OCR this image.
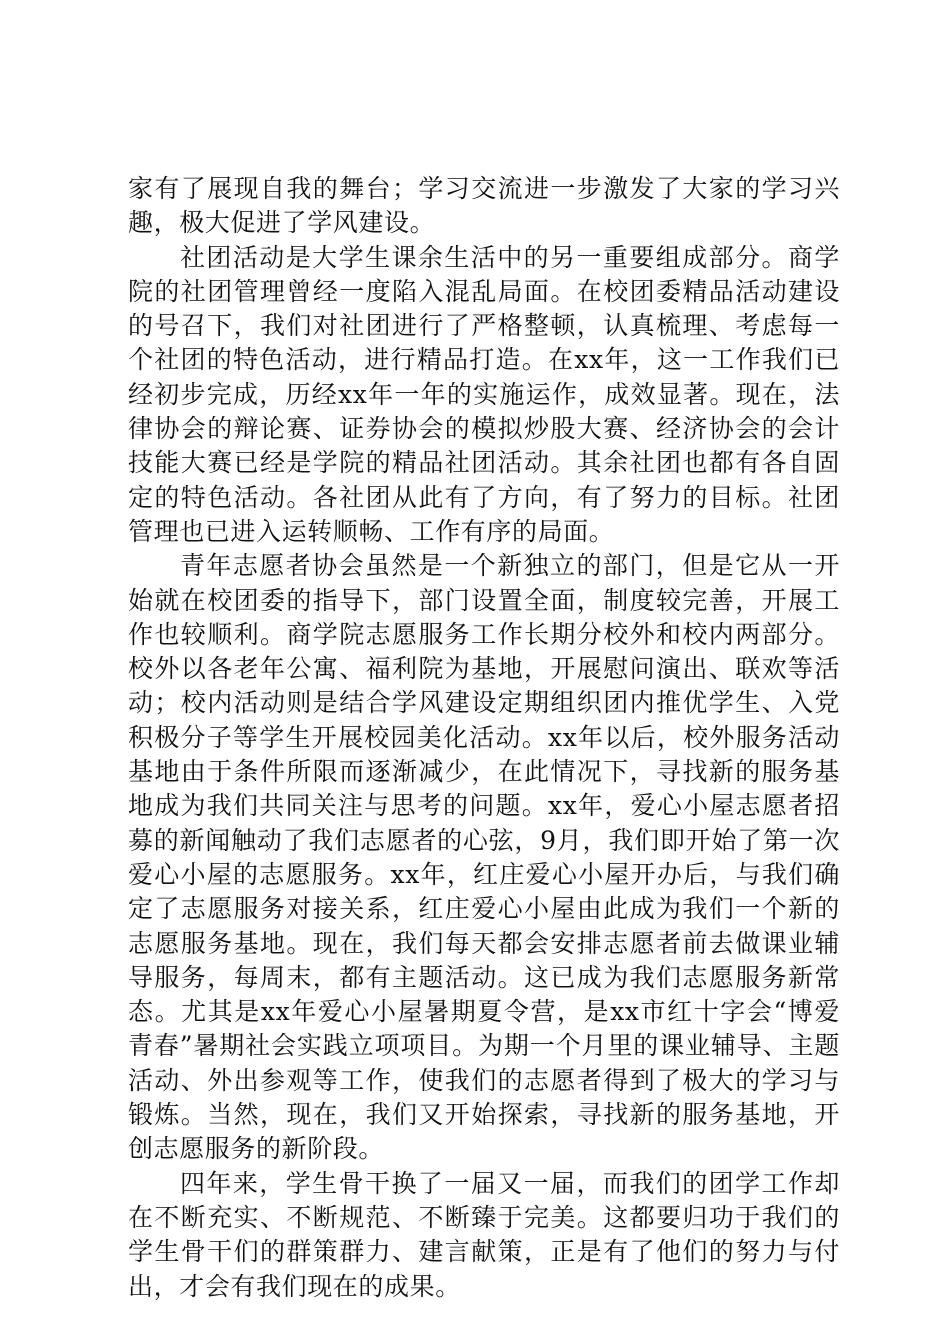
家有了展现自我的舞台；学习交流进一步激发了大家的学习兴趣，极大促进了学风建设。

社团活动是大学生课余生活中的另一重要组成部分。商学院的社团管理曾经一度陷入混乱局面。在校团委精品活动建设的号召下，我们对社团进行了严格整顿，认真梳理、考虑每一个社团的特色活动，进行精品打造。在xx年，这一工作我们已经初步完成，历经xx年一年的实施运作，成效显著。现在，法律协会的辩论赛、证券协会的模拟炒股大赛、经济协会的会计技能大赛已经是学院的精品社团活动。其余社团也都有各自固定的特色活动。各社团从此有了方向，有了努力的目标。社团管理也已进入运转顺畅、工作有序的局面。

青年志愿者协会虽然是一个新独立的部门，但是它从一开始就在校团委的指导下，部门设置全面，制度较完善，开展工作也较顺利。商学院志愿服务工作长期分校外和校内两部分。校外以各老年公寓、福利院为基地，开展慰问演出、联欢等活动；校内活动则是结合学风建设定期组织团内推优学生、入党积极分子等学生开展校园美化活动。xx年以后，校外服务活动基地由于条件所限而逐渐减少，在此情况下，寻找新的服务基地成为我们共同关注与思考的问题。xx年，爱心小屋志愿者招募的新闻触动了我们志愿者的心弦，9月，我们即开始了第一次爱心小屋的志愿服务。xx年，红庄爱心小屋开办后，与我们确定了志愿服务对接关系，红庄爱心小屋由此成为我们一个新的志愿服务基地。现在，我们每天都会安排志愿者前去做课业辅导服务，每周末，都有主题活动。这已成为我们志愿服务新常态。尤其是xx年爱心小屋暑期夏令营，是xx市红十字会“博爱青春”暑期社会实践立项项目。为期一个月里的课业辅导、主题活动、外出参观等工作，使我们的志愿者得到了极大的学习与锻炼。当然，现在，我们又开始探索，寻找新的服务基地，开创志愿服务的新阶段。

四年来，学生骨干换了一届又一届，而我们的团学工作却在不断充实、不断规范、不断臻于完美。这都要归功于我们的学生骨干们的群策群力、建言献策，正是有了他们的努力与付出，才会有我们现在的成果。
